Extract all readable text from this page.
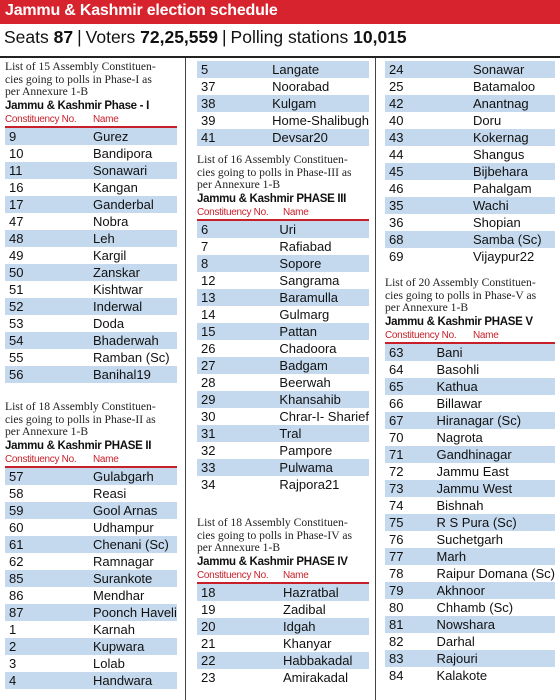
Jammu & Kashmir election schedule
Seats 87 | Voters 72,25,559 | Polling stations 10,015
List of 15 Assembly Constituen-
cies going to polls in Phase-I as
per Annexure 1-B
Jammu & Kashmir Phase - I
Constituency No. Name
9	Gurez
10	Bandipora
11	Sonawari
16	Kangan
17	Ganderbal
47	Nobra
48	Leh
49	Kargil
50	Zanskar
51	Kishtwar
52	Inderwal
53	Doda
54	Bhaderwah
55	Ramban (Sc)
56	Banihal19
List of 18 Assembly Constituen-
cies going to polls in Phase-II as
per Annexure 1-B
Jammu & Kashmir PHASE II
Constituency No. Name
57	Gulabgarh
58	Reasi
59	Gool Arnas
60	Udhampur
61	Chenani (Sc)
62	Ramnagar
85	Surankote
86	Mendhar
87	Poonch Haveli
1	Karnah
2	Kupwara
3	Lolab
4	Handwara
5	Langate
37	Noorabad
38	Kulgam
39	Home-Shalibugh
41	Devsar20
List of 16 Assembly Constituen-
cies going to polls in Phase-III as
per Annexure 1-B
Jammu & Kashmir PHASE III
Constituency No. Name
6	Uri
7	Rafiabad
8	Sopore
12	Sangrama
13	Baramulla
14	Gulmarg
15	Pattan
26	Chadoora
27	Badgam
28	Beerwah
29	Khansahib
30	Chrar-I- Sharief
31	Tral
32	Pampore
33	Pulwama
34	Rajpora21
List of 18 Assembly Constituen-
cies going to polls in Phase-IV as
per Annexure 1-B
Jammu & Kashmir PHASE IV
Constituency No. Name
18	Hazratbal
19	Zadibal
20	Idgah
21	Khanyar
22	Habbakadal
23	Amirakadal
24	Sonawar
25	Batamaloo
42	Anantnag
40	Doru
43	Kokernag
44	Shangus
45	Bijbehara
46	Pahalgam
35	Wachi
36	Shopian
68	Samba (Sc)
69	Vijaypur22
List of 20 Assembly Constituen-
cies going to polls in Phase-V as
per Annexure 1-B
Jammu & Kashmir PHASE V
Constituency No. Name
63	Bani
64	Basohli
65	Kathua
66	Billawar
67	Hiranagar (Sc)
70	Nagrota
71	Gandhinagar
72	Jammu East
73	Jammu West
74	Bishnah
75	R S Pura (Sc)
76	Suchetgarh
77	Marh
78	Raipur Domana (Sc)
79	Akhnoor
80	Chhamb (Sc)
81	Nowshara
82	Darhal
83	Rajouri
84	Kalakote
